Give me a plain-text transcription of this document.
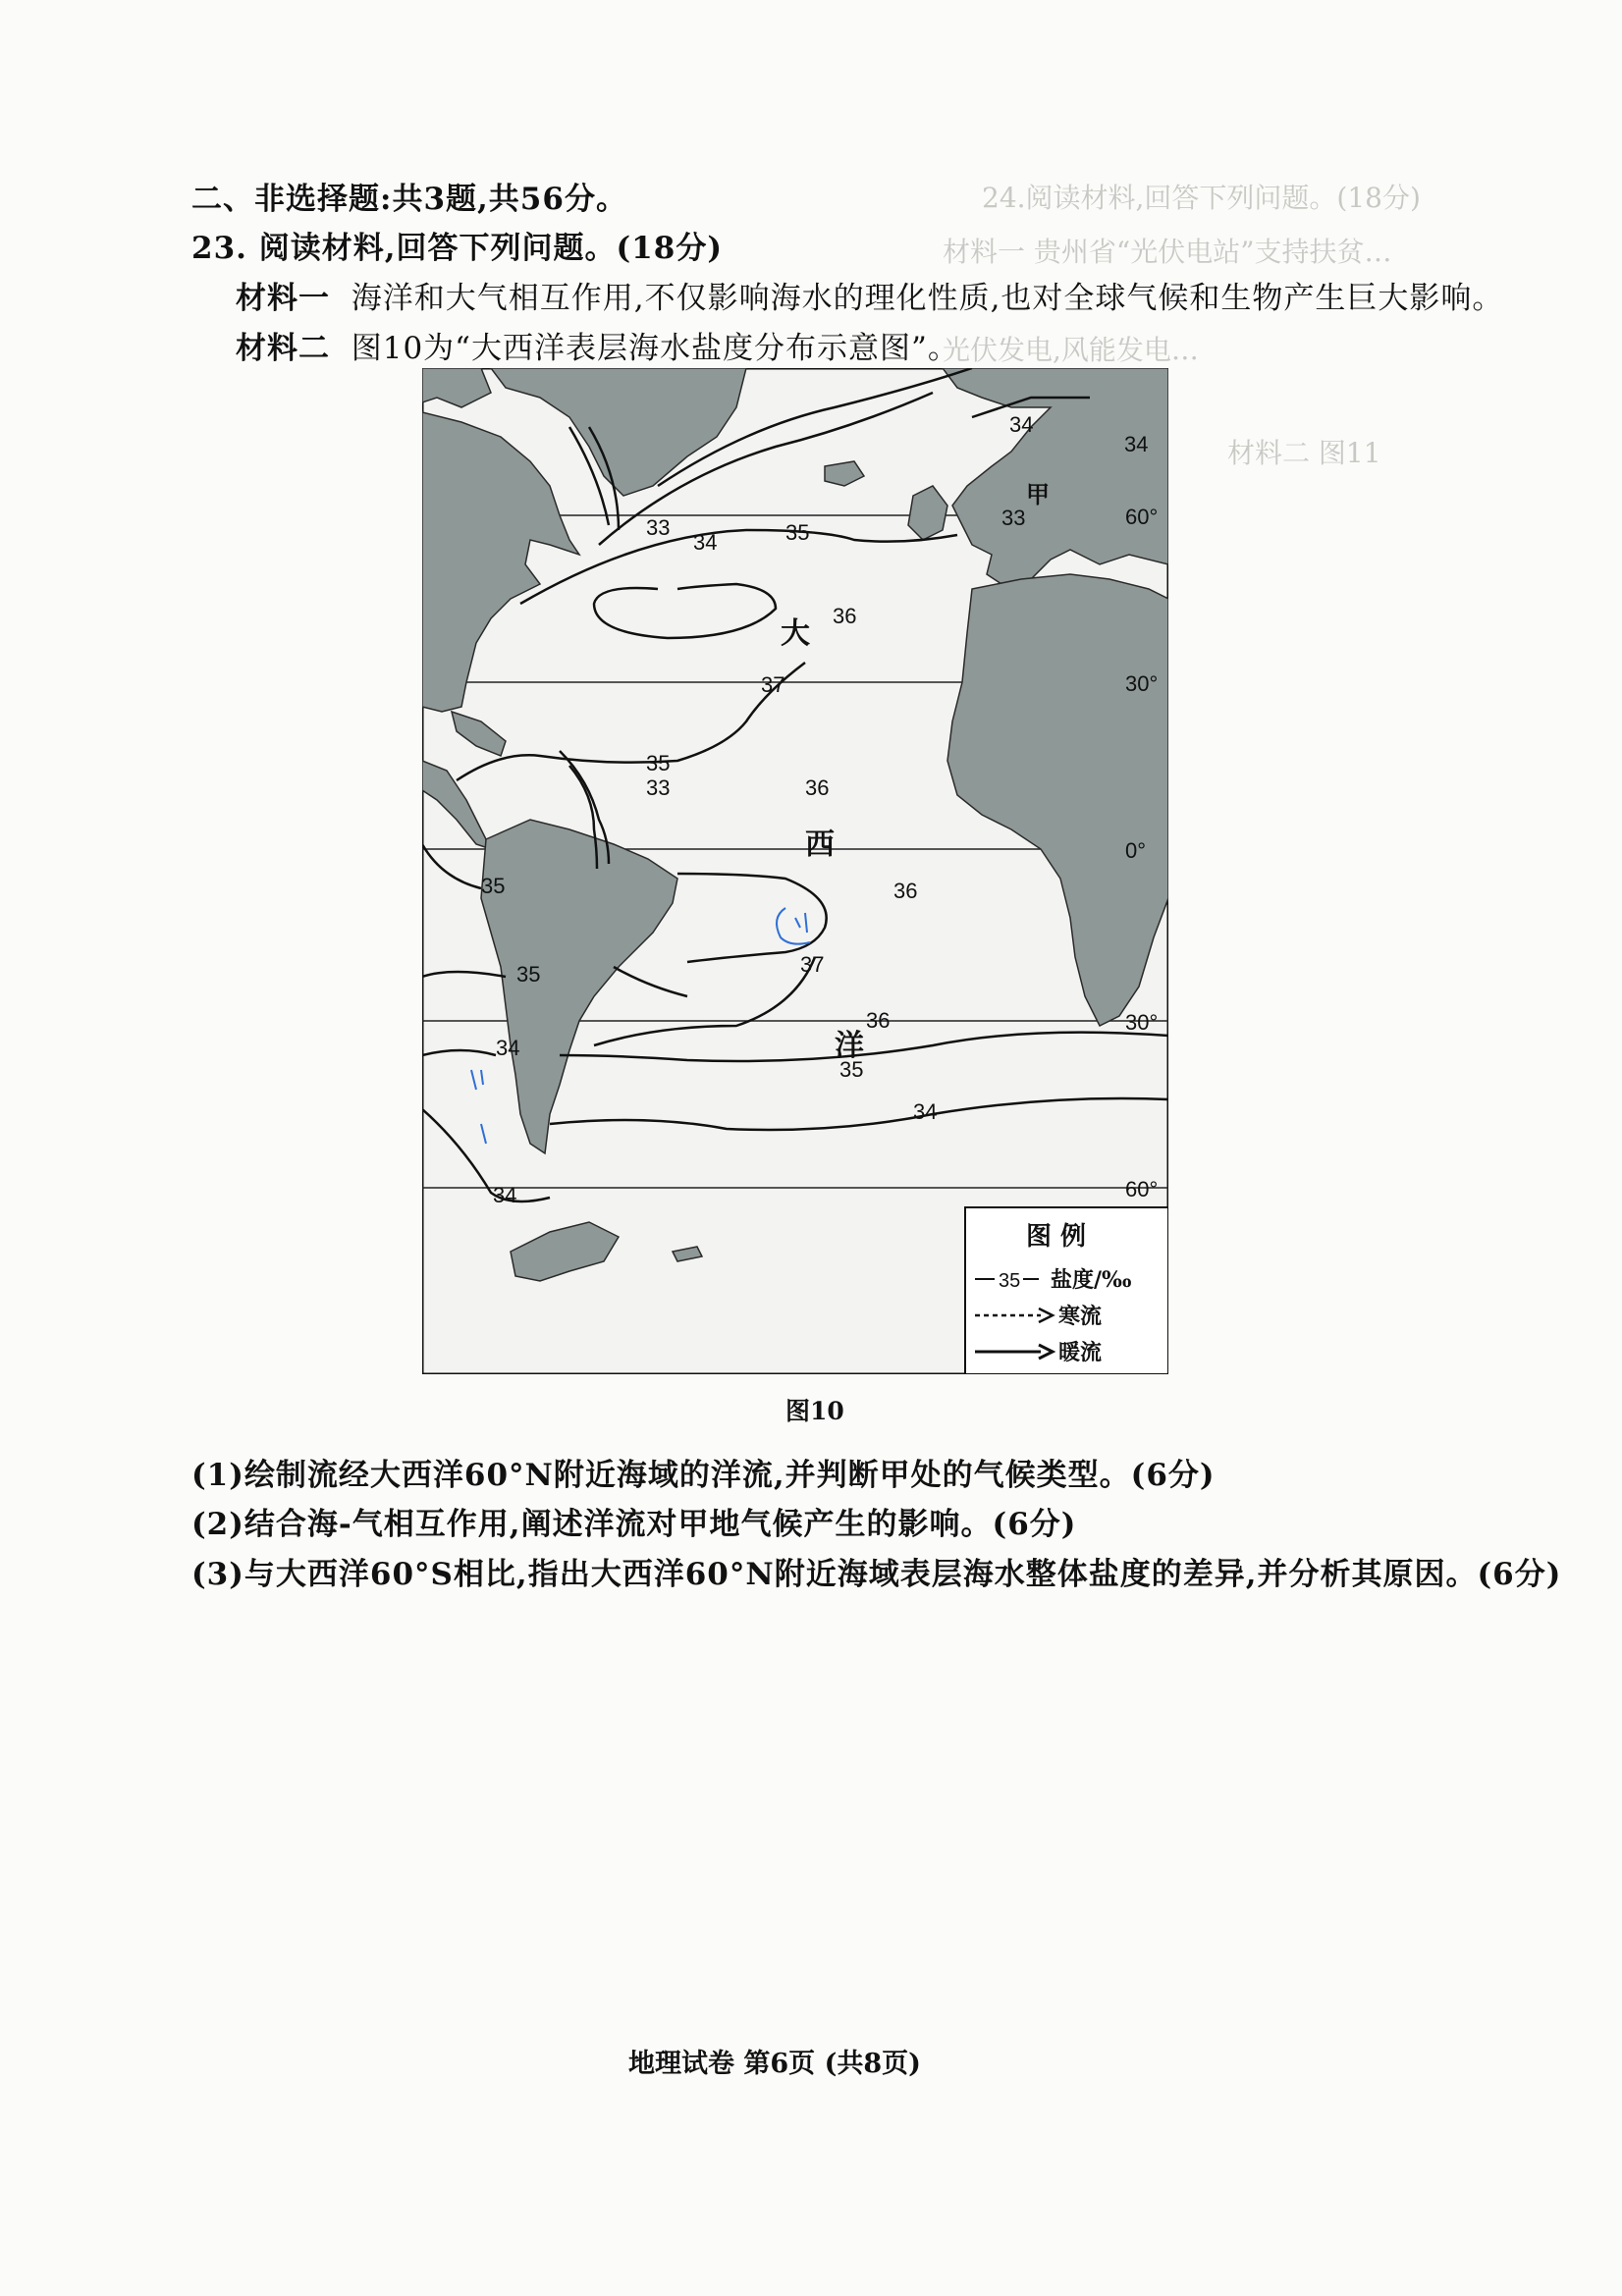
24.阅读材料,回答下列问题。(18分)
材料一 贵州省“光伏电站”支持扶贫…
光伏发电,风能发电…
材料二 图11
二、非选择题:共3题,共56分。
23. 阅读材料,回答下列问题。(18分)
材料一 海洋和大气相互作用,不仅影响海水的理化性质,也对全球气候和生物产生巨大影响。
材料二 图10为“大西洋表层海水盐度分布示意图”。
34
34
33
34	35
33
36
37
35
33	36
35	36
37
35
36
35
34
34
34
大
西
洋
甲
60°
30°
0°
30°
60°
图 例
35 盐度/‰
寒流
暖流
图10
(1)绘制流经大西洋60°N附近海域的洋流,并判断甲处的气候类型。(6分)
(2)结合海-气相互作用,阐述洋流对甲地气候产生的影响。(6分)
(3)与大西洋60°S相比,指出大西洋60°N附近海域表层海水整体盐度的差异,并分析其原因。(6分)
地理试卷 第6页 (共8页)
